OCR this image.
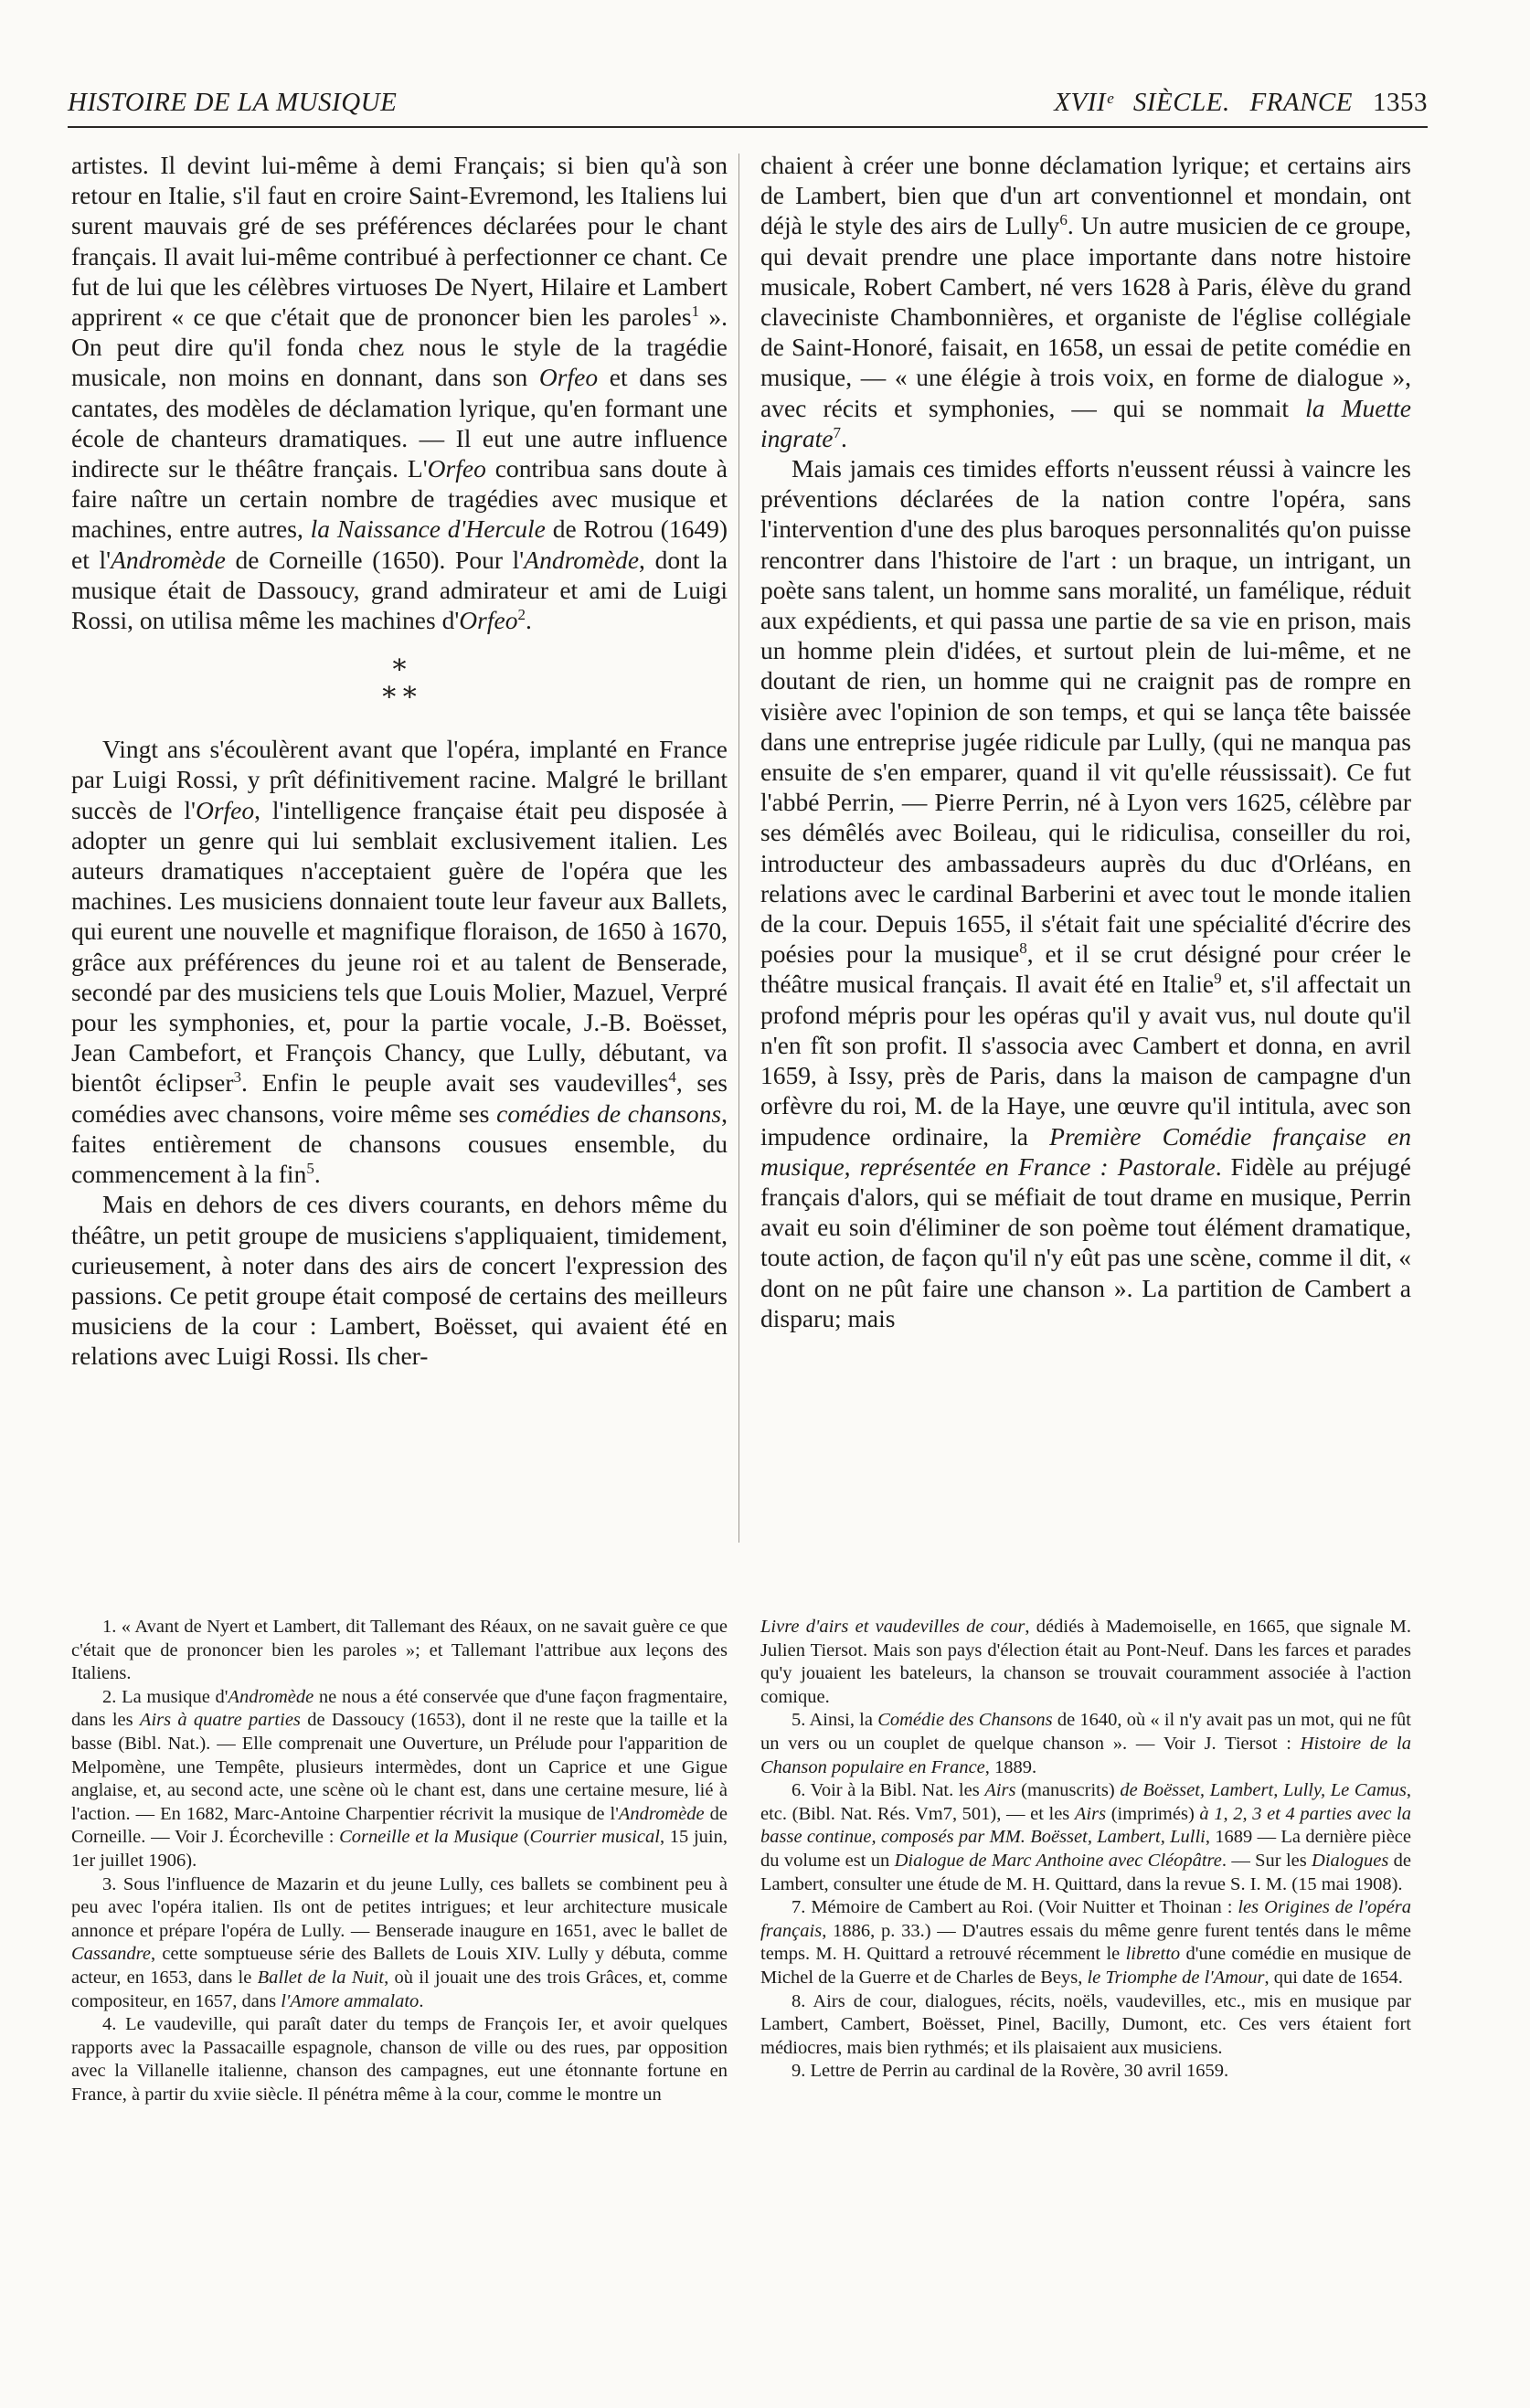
HISTOIRE DE LA MUSIQUE	XVIIᵉ SIÈCLE. FRANCE 1353

artistes. Il devint lui-même à demi Français; si bien qu'à son retour en Italie, s'il faut en croire Saint-Evremond, les Italiens lui surent mauvais gré de ses préférences déclarées pour le chant français. Il avait lui-même contribué à perfectionner ce chant. Ce fut de lui que les célèbres virtuoses De Nyert, Hilaire et Lambert apprirent « ce que c'était que de prononcer bien les paroles$^1$ ». On peut dire qu'il fonda chez nous le style de la tragédie musicale, non moins en donnant, dans son Orfeo et dans ses cantates, des modèles de déclamation lyrique, qu'en formant une école de chanteurs dramatiques. — Il eut une autre influence indirecte sur le théâtre français. L'Orfeo contribua sans doute à faire naître un certain nombre de tragédies avec musique et machines, entre autres, la Naissance d'Hercule de Rotrou (1649) et l'Andromède de Corneille (1650). Pour l'Andromède, dont la musique était de Dassoucy, grand admirateur et ami de Luigi Rossi, on utilisa même les machines d'Orfeo$^2$.

⁎
⁎ ⁎

Vingt ans s'écoulèrent avant que l'opéra, implanté en France par Luigi Rossi, y prît définitivement racine. Malgré le brillant succès de l'Orfeo, l'intelligence française était peu disposée à adopter un genre qui lui semblait exclusivement italien. Les auteurs dramatiques n'acceptaient guère de l'opéra que les machines. Les musiciens donnaient toute leur faveur aux Ballets, qui eurent une nouvelle et magnifique floraison, de 1650 à 1670, grâce aux préférences du jeune roi et au talent de Benserade, secondé par des musiciens tels que Louis Molier, Mazuel, Verpré pour les symphonies, et, pour la partie vocale, J.-B. Boësset, Jean Cambefort, et François Chancy, que Lully, débutant, va bientôt éclipser$^3$. Enfin le peuple avait ses vaudevilles$^4$, ses comédies avec chansons, voire même ses comédies de chansons, faites entièrement de chansons cousues ensemble, du commencement à la fin$^5$.

Mais en dehors de ces divers courants, en dehors même du théâtre, un petit groupe de musiciens s'appliquaient, timidement, curieusement, à noter dans des airs de concert l'expression des passions. Ce petit groupe était composé de certains des meilleurs musiciens de la cour : Lambert, Boësset, qui avaient été en relations avec Luigi Rossi. Ils cher-

chaient à créer une bonne déclamation lyrique; et certains airs de Lambert, bien que d'un art conventionnel et mondain, ont déjà le style des airs de Lully$^6$. Un autre musicien de ce groupe, qui devait prendre une place importante dans notre histoire musicale, Robert Cambert, né vers 1628 à Paris, élève du grand claveciniste Chambonnières, et organiste de l'église collégiale de Saint-Honoré, faisait, en 1658, un essai de petite comédie en musique, — « une élégie à trois voix, en forme de dialogue », avec récits et symphonies, — qui se nommait la Muette ingrate$^7$.

Mais jamais ces timides efforts n'eussent réussi à vaincre les préventions déclarées de la nation contre l'opéra, sans l'intervention d'une des plus baroques personnalités qu'on puisse rencontrer dans l'histoire de l'art : un braque, un intrigant, un poète sans talent, un homme sans moralité, un famélique, réduit aux expédients, et qui passa une partie de sa vie en prison, mais un homme plein d'idées, et surtout plein de lui-même, et ne doutant de rien, un homme qui ne craignit pas de rompre en visière avec l'opinion de son temps, et qui se lança tête baissée dans une entreprise jugée ridicule par Lully, (qui ne manqua pas ensuite de s'en emparer, quand il vit qu'elle réussissait). Ce fut l'abbé Perrin, — Pierre Perrin, né à Lyon vers 1625, célèbre par ses démêlés avec Boileau, qui le ridiculisa, conseiller du roi, introducteur des ambassadeurs auprès du duc d'Orléans, en relations avec le cardinal Barberini et avec tout le monde italien de la cour. Depuis 1655, il s'était fait une spécialité d'écrire des poésies pour la musique$^8$, et il se crut désigné pour créer le théâtre musical français. Il avait été en Italie$^9$ et, s'il affectait un profond mépris pour les opéras qu'il y avait vus, nul doute qu'il n'en fît son profit. Il s'associa avec Cambert et donna, en avril 1659, à Issy, près de Paris, dans la maison de campagne d'un orfèvre du roi, M. de la Haye, une œuvre qu'il intitula, avec son impudence ordinaire, la Première Comédie française en musique, représentée en France : Pastorale. Fidèle au préjugé français d'alors, qui se méfiait de tout drame en musique, Perrin avait eu soin d'éliminer de son poème tout élément dramatique, toute action, de façon qu'il n'y eût pas une scène, comme il dit, « dont on ne pût faire une chanson ». La partition de Cambert a disparu; mais

1. « Avant de Nyert et Lambert, dit Tallemant des Réaux, on ne savait guère ce que c'était que de prononcer bien les paroles »; et Tallemant l'attribue aux leçons des Italiens.

2. La musique d'Andromède ne nous a été conservée que d'une façon fragmentaire, dans les Airs à quatre parties de Dassoucy (1653), dont il ne reste que la taille et la basse (Bibl. Nat.). — Elle comprenait une Ouverture, un Prélude pour l'apparition de Melpomène, une Tempête, plusieurs intermèdes, dont un Caprice et une Gigue anglaise, et, au second acte, une scène où le chant est, dans une certaine mesure, lié à l'action. — En 1682, Marc-Antoine Charpentier récrivit la musique de l'Andromède de Corneille. — Voir J. Écorcheville : Corneille et la Musique (Courrier musical, 15 juin, 1er juillet 1906).

3. Sous l'influence de Mazarin et du jeune Lully, ces ballets se combinent peu à peu avec l'opéra italien. Ils ont de petites intrigues; et leur architecture musicale annonce et prépare l'opéra de Lully. — Benserade inaugure en 1651, avec le ballet de Cassandre, cette somptueuse série des Ballets de Louis XIV. Lully y débuta, comme acteur, en 1653, dans le Ballet de la Nuit, où il jouait une des trois Grâces, et, comme compositeur, en 1657, dans l'Amore ammalato.

4. Le vaudeville, qui paraît dater du temps de François Ier, et avoir quelques rapports avec la Passacaille espagnole, chanson de ville ou des rues, par opposition avec la Villanelle italienne, chanson des campagnes, eut une étonnante fortune en France, à partir du xviie siècle. Il pénétra même à la cour, comme le montre un

Livre d'airs et vaudevilles de cour, dédiés à Mademoiselle, en 1665, que signale M. Julien Tiersot. Mais son pays d'élection était au Pont-Neuf. Dans les farces et parades qu'y jouaient les bateleurs, la chanson se trouvait couramment associée à l'action comique.

5. Ainsi, la Comédie des Chansons de 1640, où « il n'y avait pas un mot, qui ne fût un vers ou un couplet de quelque chanson ». — Voir J. Tiersot : Histoire de la Chanson populaire en France, 1889.

6. Voir à la Bibl. Nat. les Airs (manuscrits) de Boësset, Lambert, Lully, Le Camus, etc. (Bibl. Nat. Rés. Vm7, 501), — et les Airs (imprimés) à 1, 2, 3 et 4 parties avec la basse continue, composés par MM. Boësset, Lambert, Lulli, 1689 — La dernière pièce du volume est un Dialogue de Marc Anthoine avec Cléopâtre. — Sur les Dialogues de Lambert, consulter une étude de M. H. Quittard, dans la revue S. I. M. (15 mai 1908).

7. Mémoire de Cambert au Roi. (Voir Nuitter et Thoinan : les Origines de l'opéra français, 1886, p. 33.) — D'autres essais du même genre furent tentés dans le même temps. M. H. Quittard a retrouvé récemment le libretto d'une comédie en musique de Michel de la Guerre et de Charles de Beys, le Triomphe de l'Amour, qui date de 1654.

8. Airs de cour, dialogues, récits, noëls, vaudevilles, etc., mis en musique par Lambert, Cambert, Boësset, Pinel, Bacilly, Dumont, etc. Ces vers étaient fort médiocres, mais bien rythmés; et ils plaisaient aux musiciens.

9. Lettre de Perrin au cardinal de la Rovère, 30 avril 1659.
